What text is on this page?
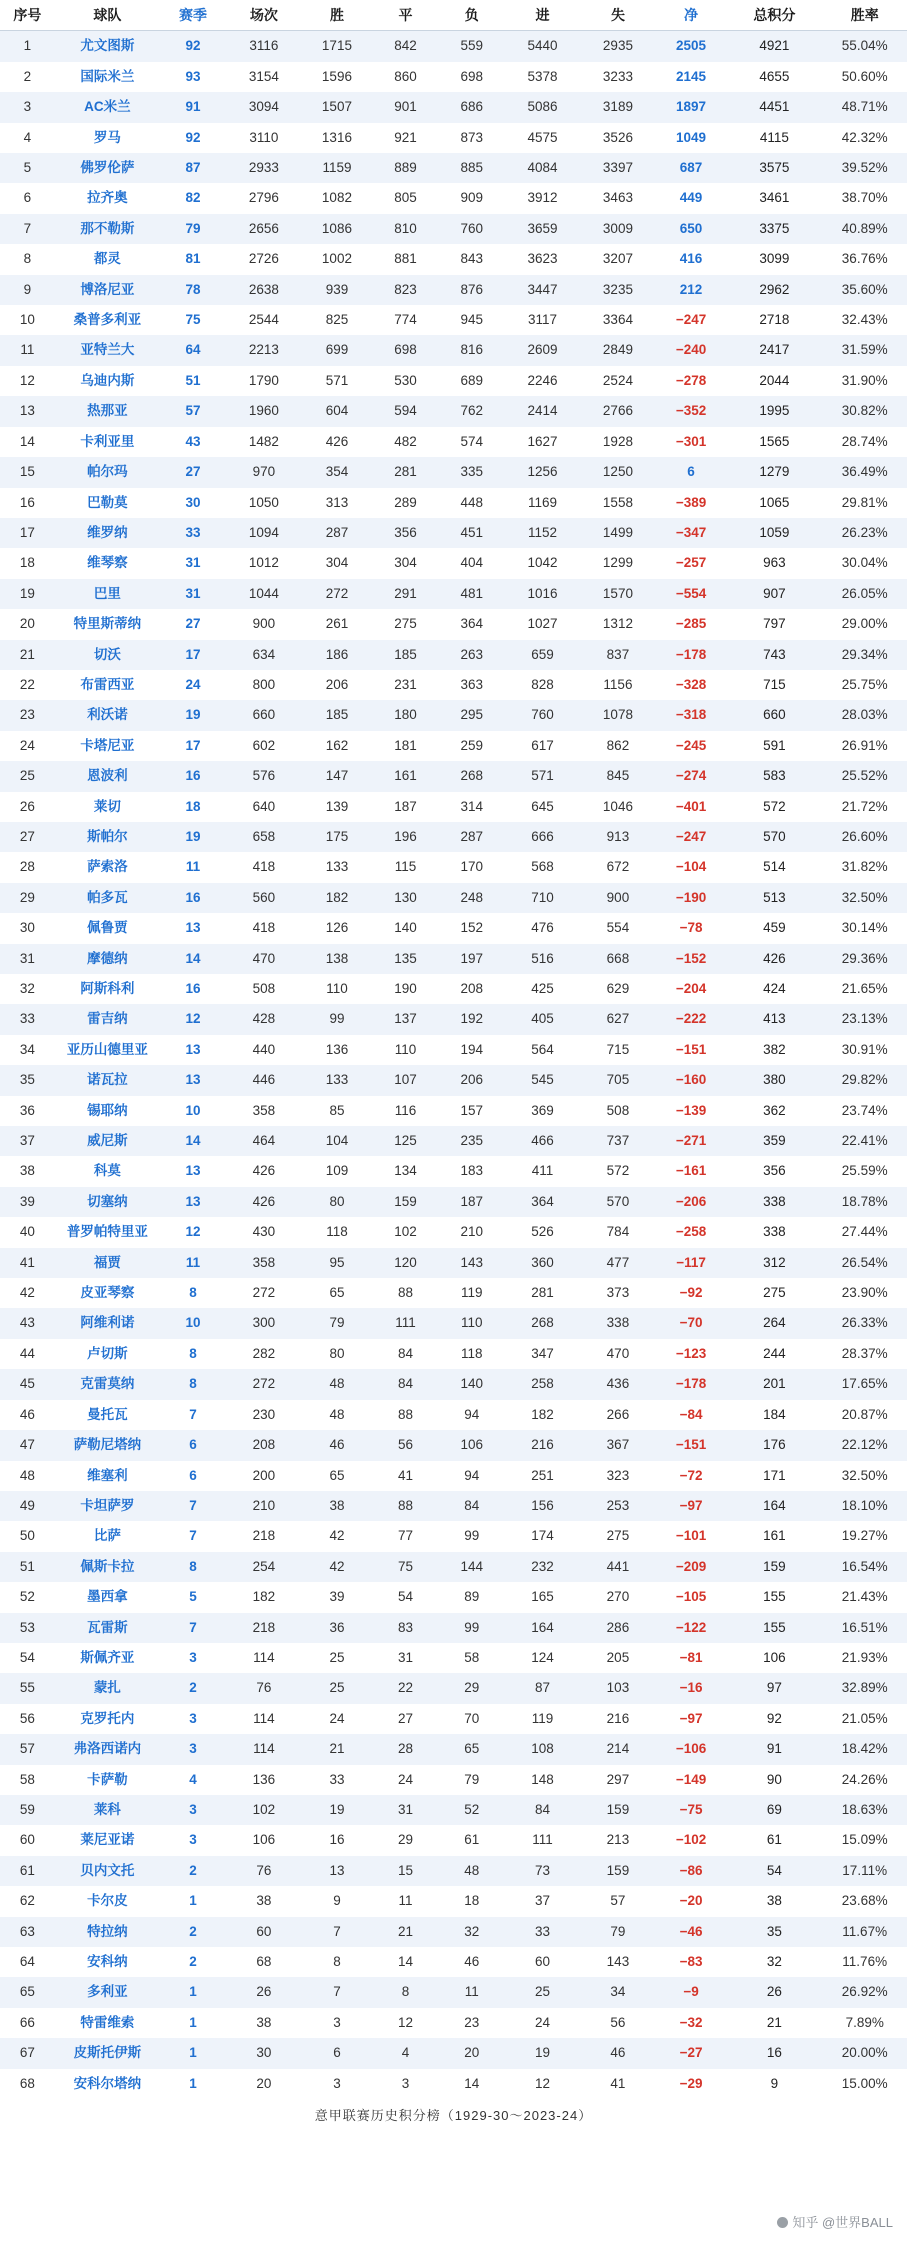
序号	球队	赛季	场次	胜	平	负	进	失	净	总积分	胜率
1	尤文图斯	92	3116	1715	842	559	5440	2935	2505	4921	55.04%
2	国际米兰	93	3154	1596	860	698	5378	3233	2145	4655	50.60%
3	AC米兰	91	3094	1507	901	686	5086	3189	1897	4451	48.71%
4	罗马	92	3110	1316	921	873	4575	3526	1049	4115	42.32%
5	佛罗伦萨	87	2933	1159	889	885	4084	3397	687	3575	39.52%
6	拉齐奥	82	2796	1082	805	909	3912	3463	449	3461	38.70%
7	那不勒斯	79	2656	1086	810	760	3659	3009	650	3375	40.89%
8	都灵	81	2726	1002	881	843	3623	3207	416	3099	36.76%
9	博洛尼亚	78	2638	939	823	876	3447	3235	212	2962	35.60%
10	桑普多利亚	75	2544	825	774	945	3117	3364	−247	2718	32.43%
11	亚特兰大	64	2213	699	698	816	2609	2849	−240	2417	31.59%
12	乌迪内斯	51	1790	571	530	689	2246	2524	−278	2044	31.90%
13	热那亚	57	1960	604	594	762	2414	2766	−352	1995	30.82%
14	卡利亚里	43	1482	426	482	574	1627	1928	−301	1565	28.74%
15	帕尔玛	27	970	354	281	335	1256	1250	6	1279	36.49%
16	巴勒莫	30	1050	313	289	448	1169	1558	−389	1065	29.81%
17	维罗纳	33	1094	287	356	451	1152	1499	−347	1059	26.23%
18	维琴察	31	1012	304	304	404	1042	1299	−257	963	30.04%
19	巴里	31	1044	272	291	481	1016	1570	−554	907	26.05%
20	特里斯蒂纳	27	900	261	275	364	1027	1312	−285	797	29.00%
21	切沃	17	634	186	185	263	659	837	−178	743	29.34%
22	布雷西亚	24	800	206	231	363	828	1156	−328	715	25.75%
23	利沃诺	19	660	185	180	295	760	1078	−318	660	28.03%
24	卡塔尼亚	17	602	162	181	259	617	862	−245	591	26.91%
25	恩波利	16	576	147	161	268	571	845	−274	583	25.52%
26	莱切	18	640	139	187	314	645	1046	−401	572	21.72%
27	斯帕尔	19	658	175	196	287	666	913	−247	570	26.60%
28	萨索洛	11	418	133	115	170	568	672	−104	514	31.82%
29	帕多瓦	16	560	182	130	248	710	900	−190	513	32.50%
30	佩鲁贾	13	418	126	140	152	476	554	−78	459	30.14%
31	摩德纳	14	470	138	135	197	516	668	−152	426	29.36%
32	阿斯科利	16	508	110	190	208	425	629	−204	424	21.65%
33	雷吉纳	12	428	99	137	192	405	627	−222	413	23.13%
34	亚历山德里亚	13	440	136	110	194	564	715	−151	382	30.91%
35	诺瓦拉	13	446	133	107	206	545	705	−160	380	29.82%
36	锡耶纳	10	358	85	116	157	369	508	−139	362	23.74%
37	威尼斯	14	464	104	125	235	466	737	−271	359	22.41%
38	科莫	13	426	109	134	183	411	572	−161	356	25.59%
39	切塞纳	13	426	80	159	187	364	570	−206	338	18.78%
40	普罗帕特里亚	12	430	118	102	210	526	784	−258	338	27.44%
41	福贾	11	358	95	120	143	360	477	−117	312	26.54%
42	皮亚琴察	8	272	65	88	119	281	373	−92	275	23.90%
43	阿维利诺	10	300	79	111	110	268	338	−70	264	26.33%
44	卢切斯	8	282	80	84	118	347	470	−123	244	28.37%
45	克雷莫纳	8	272	48	84	140	258	436	−178	201	17.65%
46	曼托瓦	7	230	48	88	94	182	266	−84	184	20.87%
47	萨勒尼塔纳	6	208	46	56	106	216	367	−151	176	22.12%
48	维塞利	6	200	65	41	94	251	323	−72	171	32.50%
49	卡坦萨罗	7	210	38	88	84	156	253	−97	164	18.10%
50	比萨	7	218	42	77	99	174	275	−101	161	19.27%
51	佩斯卡拉	8	254	42	75	144	232	441	−209	159	16.54%
52	墨西拿	5	182	39	54	89	165	270	−105	155	21.43%
53	瓦雷斯	7	218	36	83	99	164	286	−122	155	16.51%
54	斯佩齐亚	3	114	25	31	58	124	205	−81	106	21.93%
55	蒙扎	2	76	25	22	29	87	103	−16	97	32.89%
56	克罗托内	3	114	24	27	70	119	216	−97	92	21.05%
57	弗洛西诺内	3	114	21	28	65	108	214	−106	91	18.42%
58	卡萨勒	4	136	33	24	79	148	297	−149	90	24.26%
59	莱科	3	102	19	31	52	84	159	−75	69	18.63%
60	莱尼亚诺	3	106	16	29	61	111	213	−102	61	15.09%
61	贝内文托	2	76	13	15	48	73	159	−86	54	17.11%
62	卡尔皮	1	38	9	11	18	37	57	−20	38	23.68%
63	特拉纳	2	60	7	21	32	33	79	−46	35	11.67%
64	安科纳	2	68	8	14	46	60	143	−83	32	11.76%
65	多利亚	1	26	7	8	11	25	34	−9	26	26.92%
66	特雷维索	1	38	3	12	23	24	56	−32	21	7.89%
67	皮斯托伊斯	1	30	6	4	20	19	46	−27	16	20.00%
68	安科尔塔纳	1	20	3	3	14	12	41	−29	9	15.00%
意甲联赛历史积分榜（1929-30～2023-24）
知乎 @世界BALL
